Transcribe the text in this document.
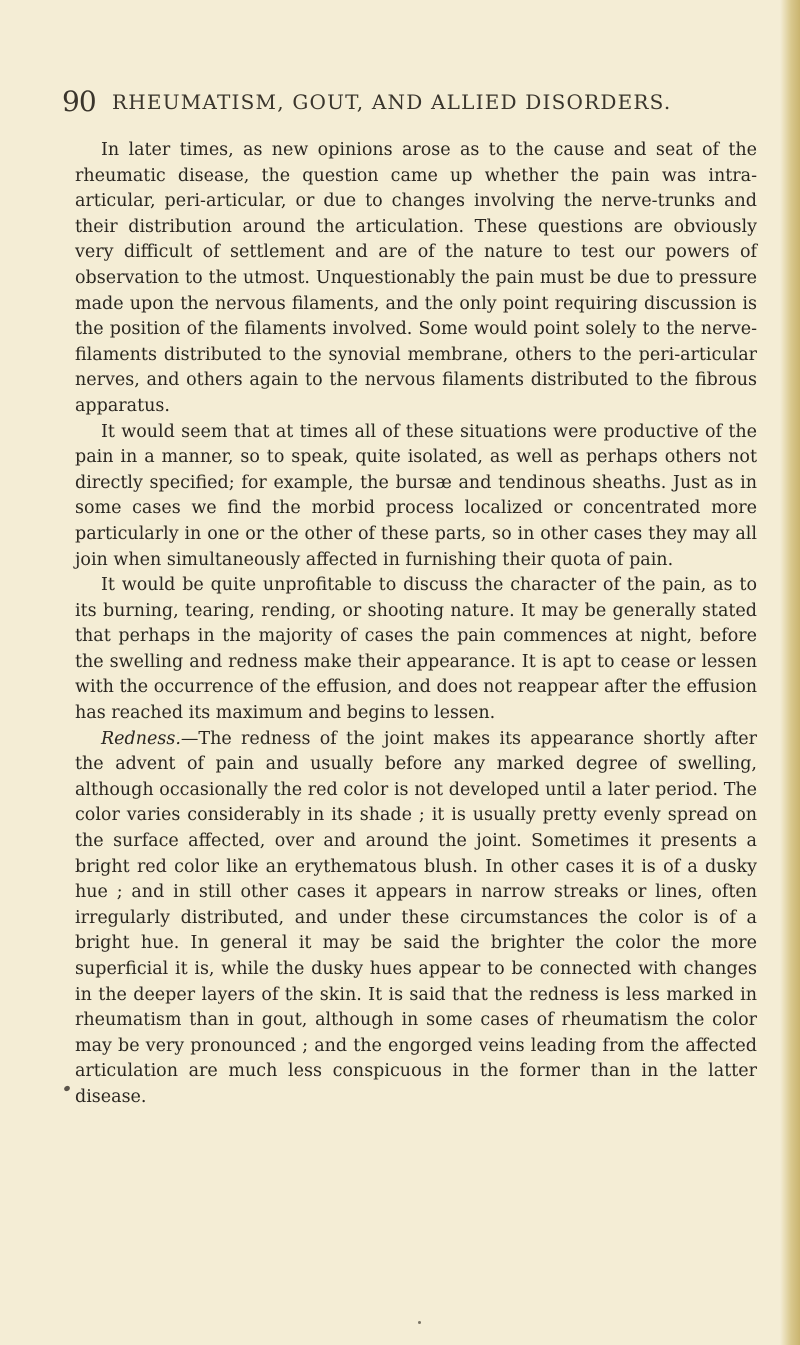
90 RHEUMATISM, GOUT, AND ALLIED DISORDERS.

In later times, as new opinions arose as to the cause and seat of the rheumatic disease, the question came up whether the pain was intra-articular, peri-articular, or due to changes involving the nerve-trunks and their distribution around the articulation. These questions are obviously very difficult of settlement and are of the nature to test our powers of observation to the utmost. Unquestionably the pain must be due to pressure made upon the nervous filaments, and the only point requiring discussion is the position of the filaments involved. Some would point solely to the nerve-filaments distributed to the synovial membrane, others to the peri-articular nerves, and others again to the nervous filaments distributed to the fibrous apparatus.

It would seem that at times all of these situations were productive of the pain in a manner, so to speak, quite isolated, as well as perhaps others not directly specified; for example, the bursæ and tendinous sheaths. Just as in some cases we find the morbid process localized or concentrated more particularly in one or the other of these parts, so in other cases they may all join when simultaneously affected in furnishing their quota of pain.

It would be quite unprofitable to discuss the character of the pain, as to its burning, tearing, rending, or shooting nature. It may be generally stated that perhaps in the majority of cases the pain commences at night, before the swelling and redness make their appearance. It is apt to cease or lessen with the occurrence of the effusion, and does not reappear after the effusion has reached its maximum and begins to lessen.

Redness.—The redness of the joint makes its appearance shortly after the advent of pain and usually before any marked degree of swelling, although occasionally the red color is not developed until a later period. The color varies considerably in its shade ; it is usually pretty evenly spread on the surface affected, over and around the joint. Sometimes it presents a bright red color like an erythematous blush. In other cases it is of a dusky hue ; and in still other cases it appears in narrow streaks or lines, often irregularly distributed, and under these circumstances the color is of a bright hue. In general it may be said the brighter the color the more superficial it is, while the dusky hues appear to be connected with changes in the deeper layers of the skin. It is said that the redness is less marked in rheumatism than in gout, although in some cases of rheumatism the color may be very pronounced ; and the engorged veins leading from the affected articulation are much less conspicuous in the former than in the latter disease.
